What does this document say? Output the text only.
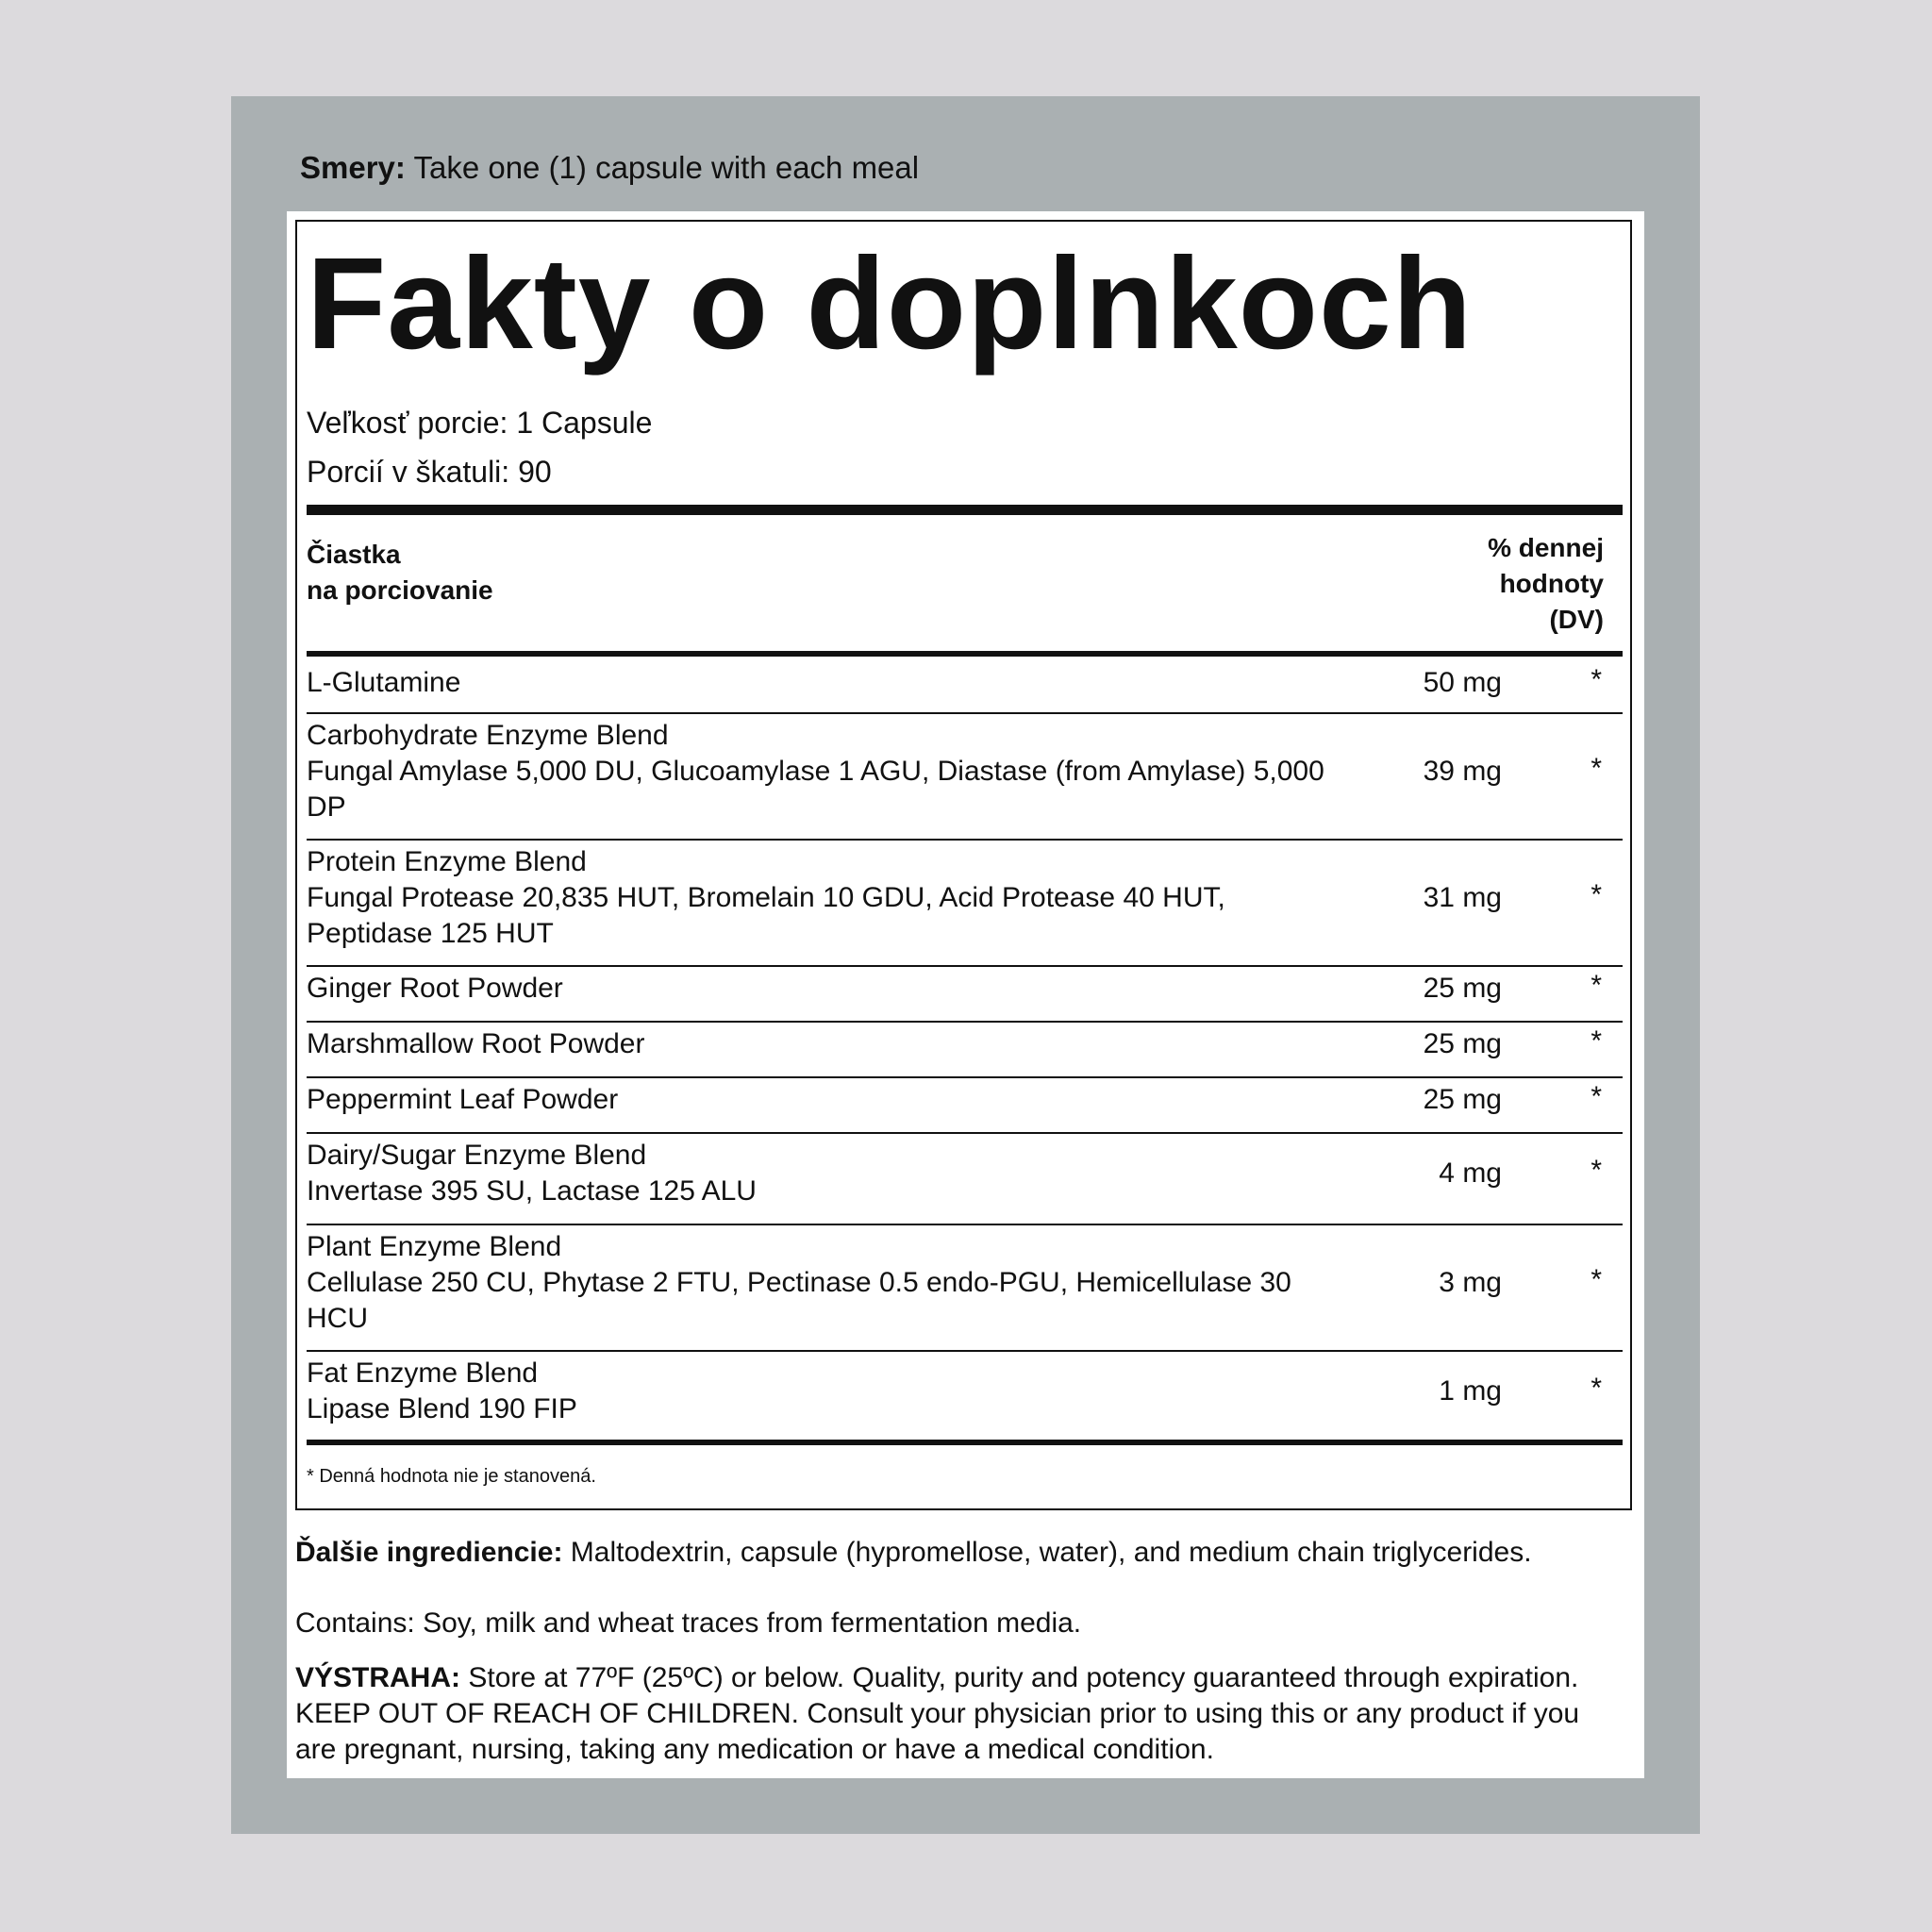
Smery: Take one (1) capsule with each meal
Fakty o doplnkoch
Veľkosť porcie: 1 Capsule
Porcií v škatuli: 90
Čiastka
na porciovanie
% dennej
hodnoty
(DV)
L-Glutamine	50 mg	*
Carbohydrate Enzyme Blend
Fungal Amylase 5,000 DU, Glucoamylase 1 AGU, Diastase (from Amylase) 5,000
DP
39 mg	*
Protein Enzyme Blend
Fungal Protease 20,835 HUT, Bromelain 10 GDU, Acid Protease 40 HUT,
Peptidase 125 HUT
31 mg	*
Ginger Root Powder	25 mg	*
Marshmallow Root Powder	25 mg	*
Peppermint Leaf Powder	25 mg	*
Dairy/Sugar Enzyme Blend
Invertase 395 SU, Lactase 125 ALU
4 mg	*
Plant Enzyme Blend
Cellulase 250 CU, Phytase 2 FTU, Pectinase 0.5 endo-PGU, Hemicellulase 30
HCU
3 mg	*
Fat Enzyme Blend
Lipase Blend 190 FIP
1 mg	*
* Denná hodnota nie je stanovená.
Ďalšie ingrediencie: Maltodextrin, capsule (hypromellose, water), and medium chain triglycerides.
Contains: Soy, milk and wheat traces from fermentation media.
VÝSTRAHA: Store at 77ºF (25ºC) or below. Quality, purity and potency guaranteed through expiration. KEEP OUT OF REACH OF CHILDREN. Consult your physician prior to using this or any product if you are pregnant, nursing, taking any medication or have a medical condition.
